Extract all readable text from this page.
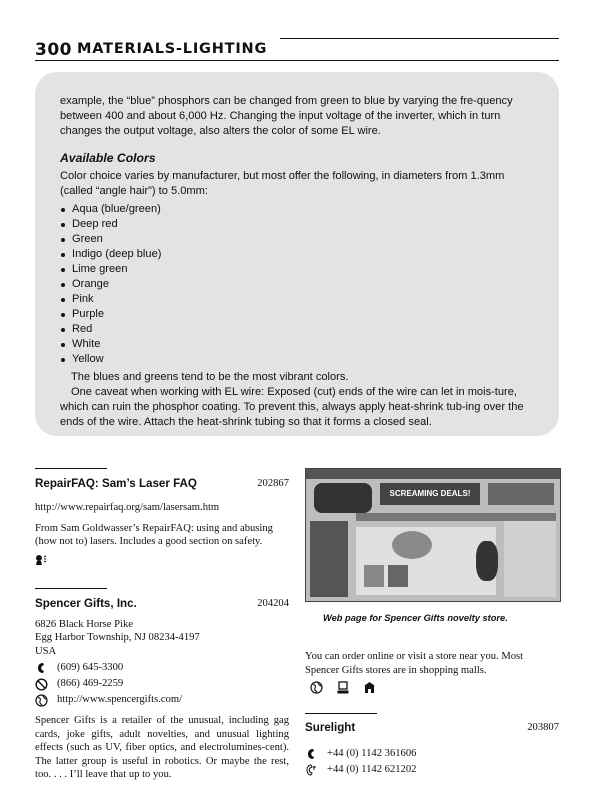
300 MATERIALS-LIGHTING

example, the “blue” phosphors can be changed from green to blue by varying the fre-quency between 400 and about 6,000 Hz. Changing the input voltage of the inverter, which in turn changes the output voltage, also alters the color of some EL wire.

Available Colors

Color choice varies by manufacturer, but most offer the following, in diameters from 1.3mm (called “angle hair”) to 5.0mm:

Aqua (blue/green)
Deep red
Green
Indigo (deep blue)
Lime green
Orange
Pink
Purple
Red
White
Yellow

The blues and greens tend to be the most vibrant colors.

One caveat when working with EL wire: Exposed (cut) ends of the wire can let in mois-ture, which can ruin the phosphor coating. To prevent this, always apply heat-shrink tub-ing over the ends of the wire. Attach the heat-shrink tubing so that it forms a closed seal.

RepairFAQ: Sam’s Laser FAQ	202867
http://www.repairfaq.org/sam/lasersam.htm
From Sam Goldwasser’s RepairFAQ: using and abusing (how not to) lasers. Includes a good section on safety.
Spencer Gifts, Inc.	204204
6826 Black Horse Pike
Egg Harbor Township, NJ 08234-4197
USA
(609) 645-3300
(866) 469-2259
http://www.spencergifts.com/
Spencer Gifts is a retailer of the unusual, including gag cards, joke gifts, adult novelties, and unusual lighting effects (such as UV, fiber optics, and electrolumines-cent). The latter group is useful in robotics. Or maybe the rest, too. . . . I’ll leave that up to you.
SCREAMING DEALS!
Web page for Spencer Gifts novelty store.
You can order online or visit a store near you. Most Spencer Gifts stores are in shopping malls.
Surelight	203807
+44 (0) 1142 361606
+44 (0) 1142 621202
